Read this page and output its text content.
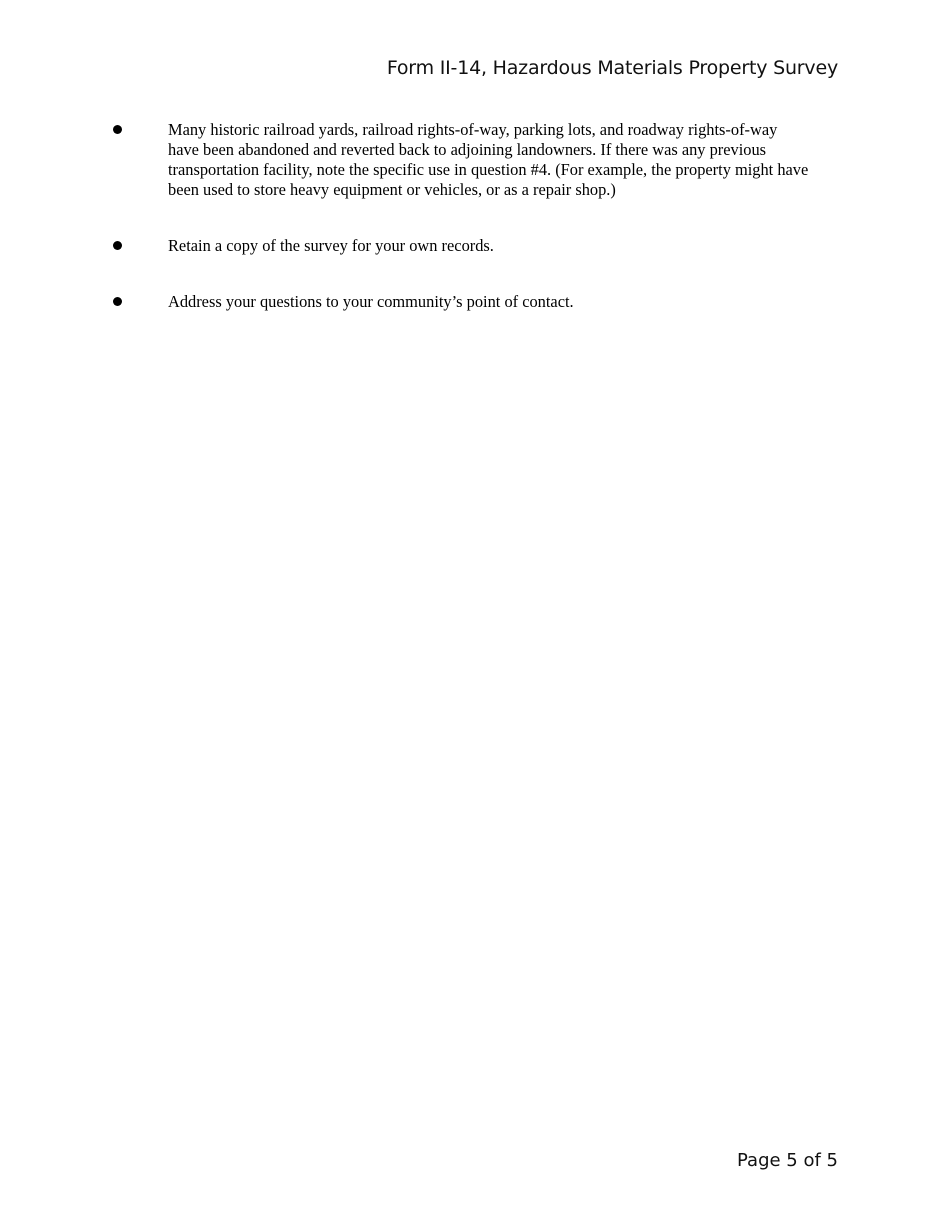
Form II-14, Hazardous Materials Property Survey
Many historic railroad yards, railroad rights-of-way, parking lots, and roadway rights-of-way have been abandoned and reverted back to adjoining landowners. If there was any previous transportation facility, note the specific use in question #4. (For example, the property might have been used to store heavy equipment or vehicles, or as a repair shop.)
Retain a copy of the survey for your own records.
Address your questions to your community’s point of contact.
Page 5 of 5
